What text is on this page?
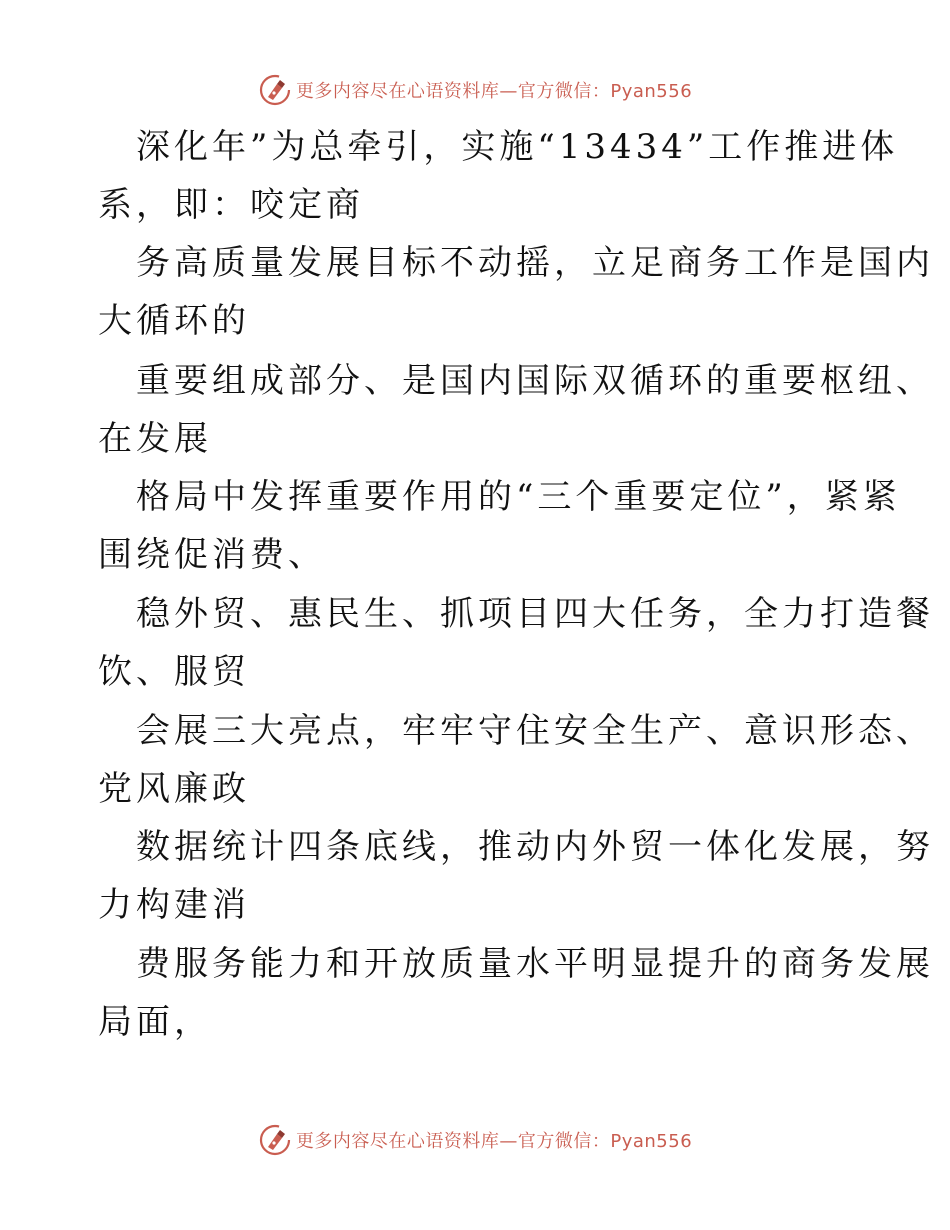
更多内容尽在心语资料库—官方微信：Pyan556
深化年”为总牵引，实施“13434”工作推进体
系，即：咬定商
务高质量发展目标不动摇，立足商务工作是国内
大循环的
重要组成部分、是国内国际双循环的重要枢纽、
在发展
格局中发挥重要作用的“三个重要定位”，紧紧
围绕促消费、
稳外贸、惠民生、抓项目四大任务，全力打造餐
饮、服贸
会展三大亮点，牢牢守住安全生产、意识形态、
党风廉政
数据统计四条底线，推动内外贸一体化发展，努
力构建消
费服务能力和开放质量水平明显提升的商务发展
局面，
更多内容尽在心语资料库—官方微信：Pyan556
